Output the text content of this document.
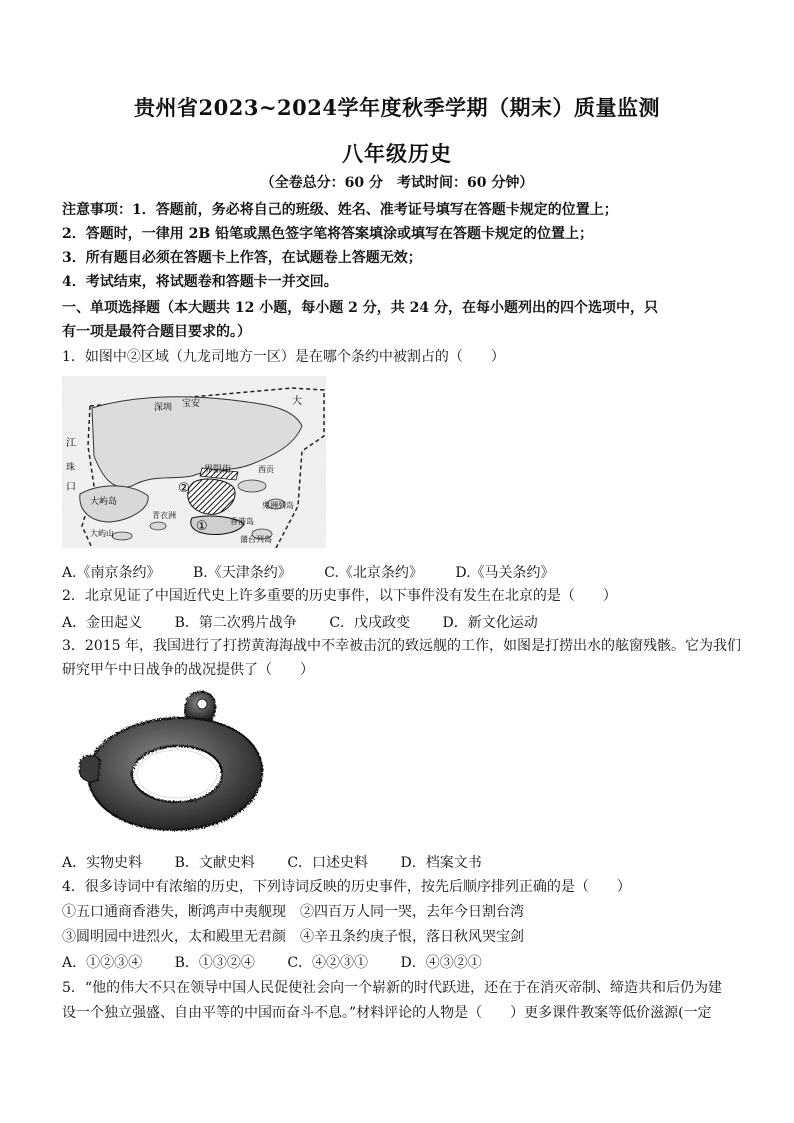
贵州省2023~2024学年度秋季学期（期末）质量监测
八年级历史
（全卷总分：60 分　考试时间：60 分钟）
注意事项：1．答题前，务必将自己的班级、姓名、准考证号填写在答题卡规定的位置上；
2．答题时，一律用 2B 铅笔或黑色签字笔将答案填涂或填写在答题卡规定的位置上；
3．所有题目必须在答题卡上作答，在试题卷上答题无效；
4．考试结束，将试题卷和答题卡一并交回。
一、单项选择题（本大题共 12 小题，每小题 2 分，共 24 分，在每小题列出的四个选项中，只
有一项是最符合题目要求的。）
1．如图中②区域（九龙司地方一区）是在哪个条约中被割占的（　　）
深圳 宝安	大
江
珠
口
界限街
②
①
大屿岛
青衣洲
香港岛
西贡
鬼洲列岛
大屿山
蒲台列岛
A.《南京条约》 B.《天津条约》 C.《北京条约》 D.《马关条约》
2．北京见证了中国近代史上许多重要的历史事件，以下事件没有发生在北京的是（　　）
A．金田起义 B．第二次鸦片战争 C．戊戌政变 D．新文化运动
3．2015 年，我国进行了打捞黄海海战中不幸被击沉的致远舰的工作，如图是打捞出水的舷窗残骸。它为我们
研究甲午中日战争的战况提供了（　　）
A．实物史料 B．文献史料 C．口述史料 D．档案文书
4．很多诗词中有浓缩的历史，下列诗词反映的历史事件，按先后顺序排列正确的是（　　）
①五口通商香港失，断鸿声中夷舰现　②四百万人同一哭，去年今日割台湾
③圆明园中进烈火，太和殿里无君颜　④辛丑条约庚子恨，落日秋风哭宝剑
A．①②③④ B．①③②④ C．④②③① D．④③②①
5．“他的伟大不只在领导中国人民促使社会向一个崭新的时代跃进，还在于在消灭帝制、缔造共和后仍为建
设一个独立强盛、自由平等的中国而奋斗不息。”材料评论的人物是（　　）更多课件教案等低价滋源(一定
